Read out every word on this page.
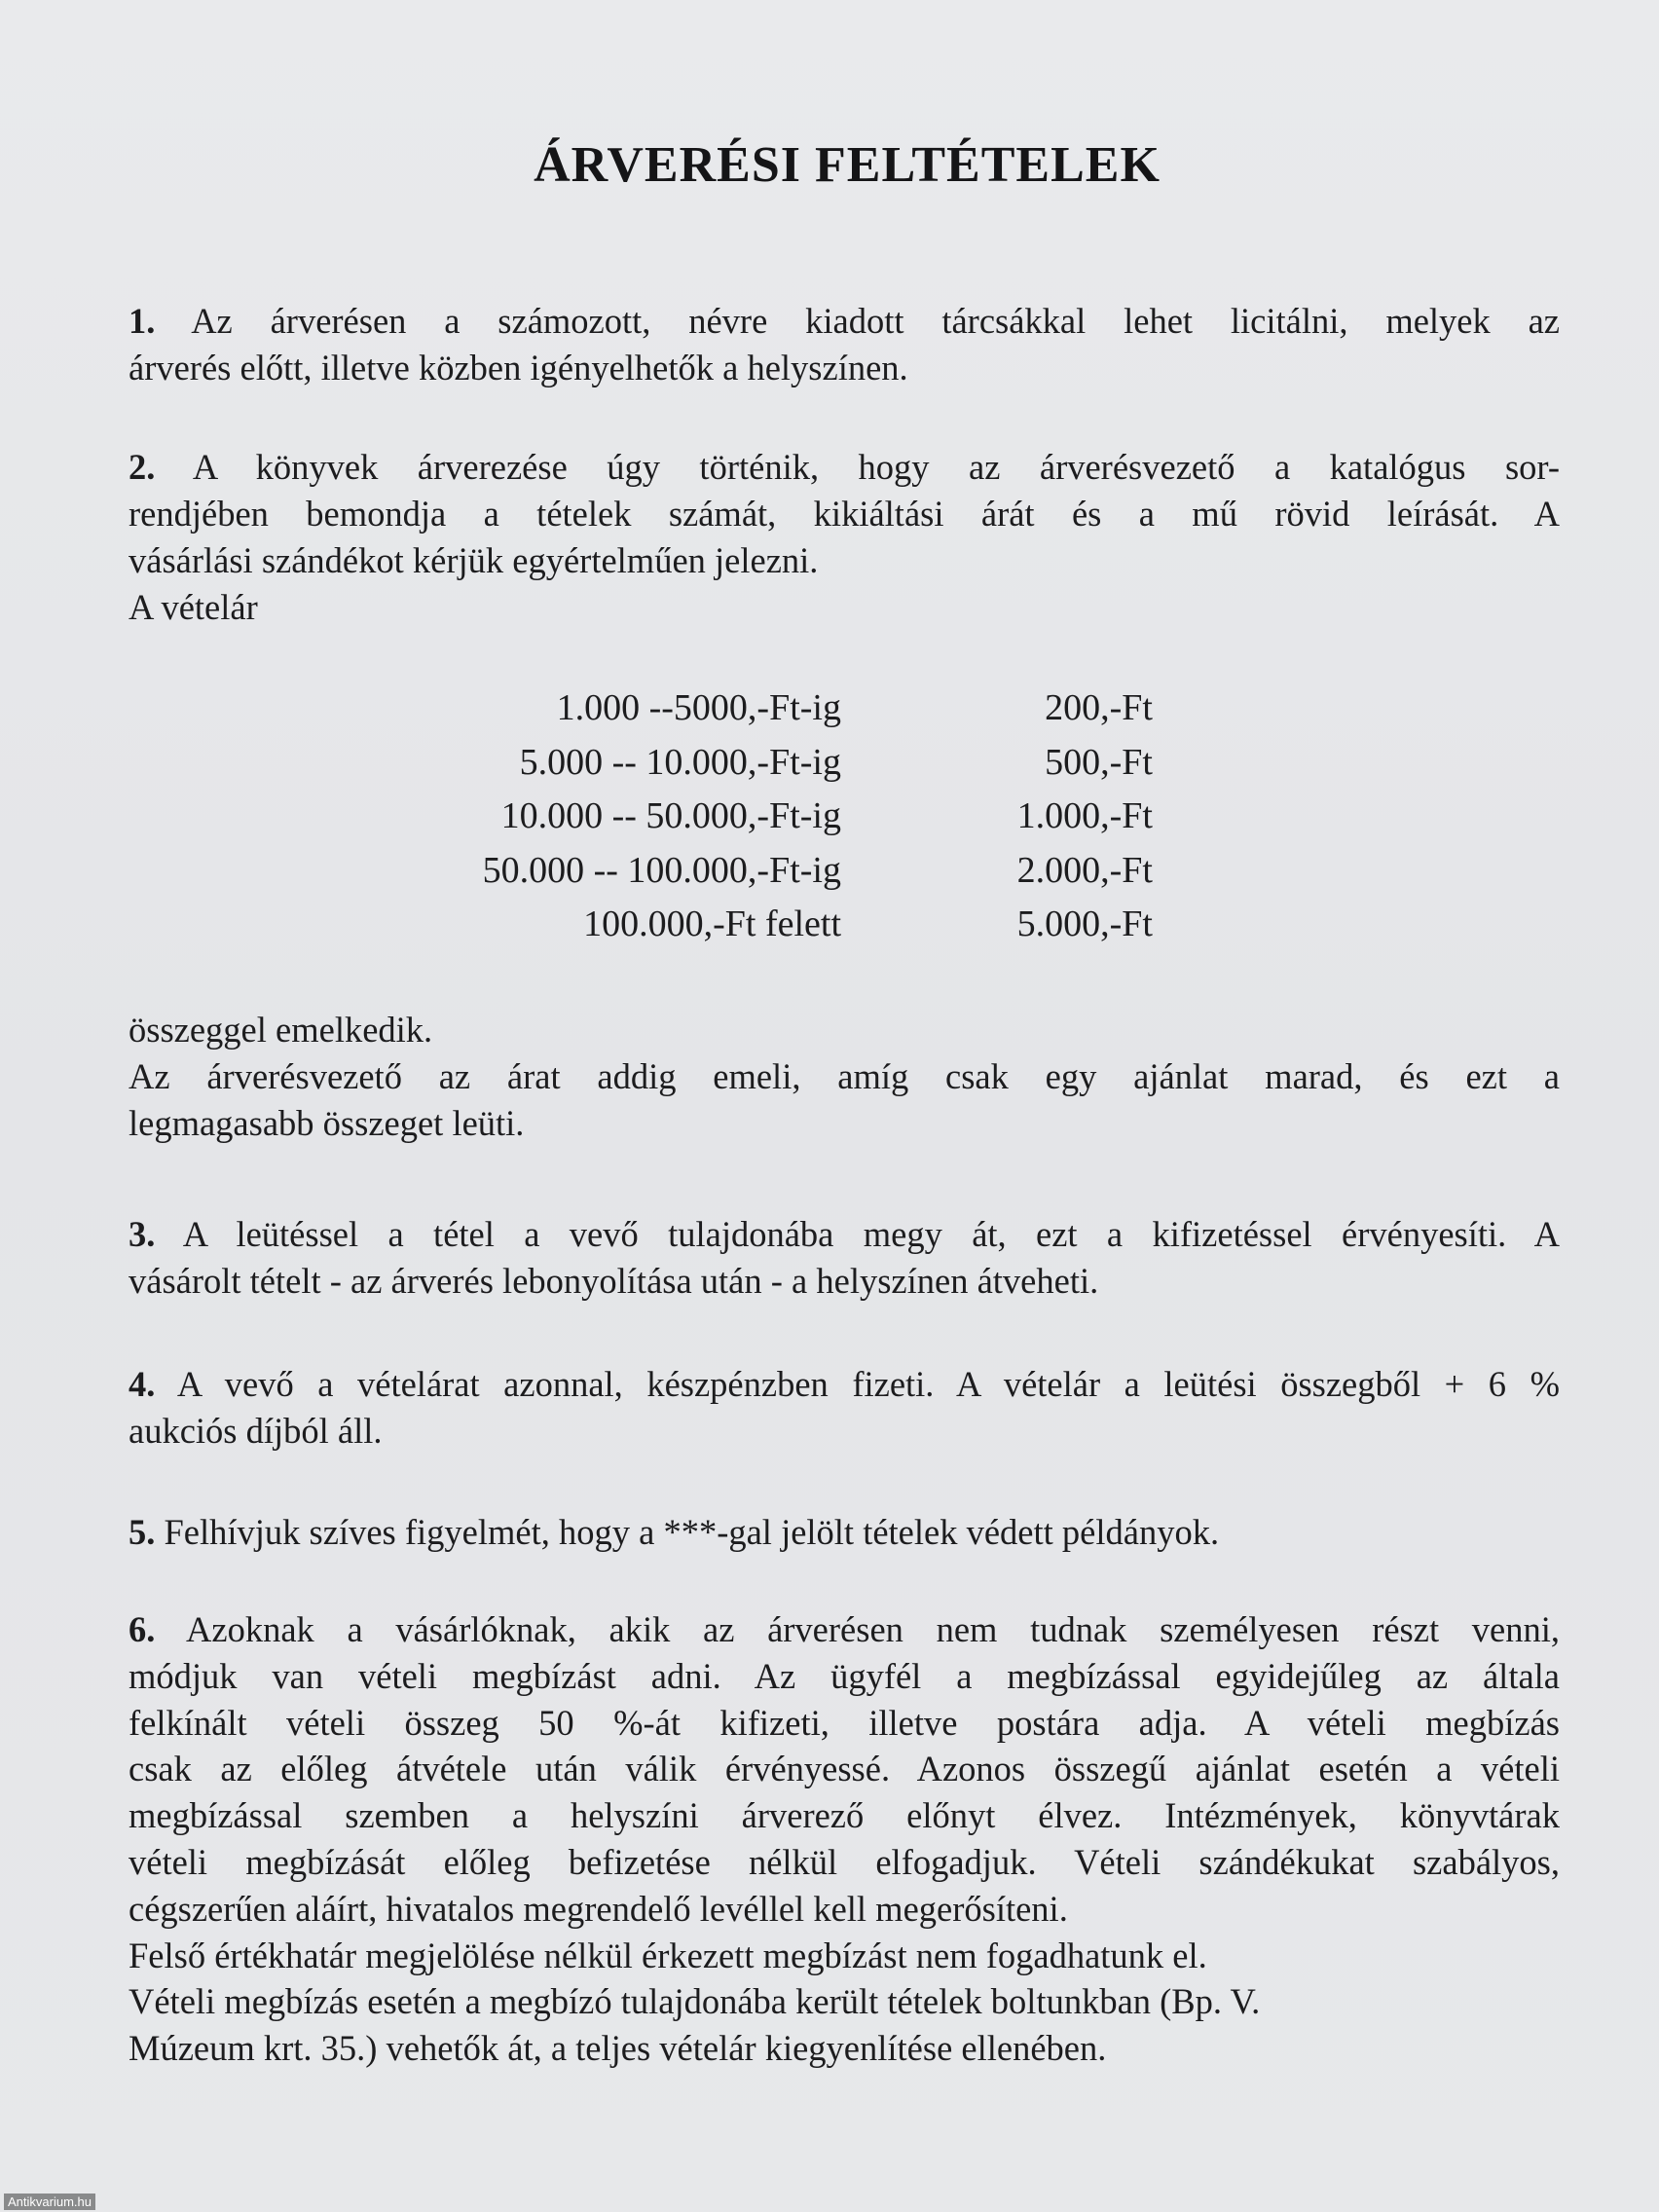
ÁRVERÉSI FELTÉTELEK
1. Az árverésen a számozott, névre kiadott tárcsákkal lehet licitálni, melyek az
árverés előtt, illetve közben igényelhetők a helyszínen.
2. A könyvek árverezése úgy történik, hogy az árverésvezető a katalógus sor-
rendjében bemondja a tételek számát, kikiáltási árát és a mű rövid leírását. A
vásárlási szándékot kérjük egyértelműen jelezni.
A vételár
1.000 --5000,-Ft-ig	200,-Ft
5.000 -- 10.000,-Ft-ig	500,-Ft
10.000 -- 50.000,-Ft-ig	1.000,-Ft
50.000 -- 100.000,-Ft-ig	2.000,-Ft
100.000,-Ft felett	5.000,-Ft
összeggel emelkedik.
Az árverésvezető az árat addig emeli, amíg csak egy ajánlat marad, és ezt a
legmagasabb összeget leüti.
3. A leütéssel a tétel a vevő tulajdonába megy át, ezt a kifizetéssel érvényesíti. A
vásárolt tételt - az árverés lebonyolítása után - a helyszínen átveheti.
4. A vevő a vételárat azonnal, készpénzben fizeti. A vételár a leütési összegből + 6 %
aukciós díjból áll.
5. Felhívjuk szíves figyelmét, hogy a ***-gal jelölt tételek védett példányok.
6. Azoknak a vásárlóknak, akik az árverésen nem tudnak személyesen részt venni,
módjuk van vételi megbízást adni. Az ügyfél a megbízással egyidejűleg az általa
felkínált vételi összeg 50 %-át kifizeti, illetve postára adja. A vételi megbízás
csak az előleg átvétele után válik érvényessé. Azonos összegű ajánlat esetén a vételi
megbízással szemben a helyszíni árverező előnyt élvez. Intézmények, könyvtárak
vételi megbízását előleg befizetése nélkül elfogadjuk. Vételi szándékukat szabályos,
cégszerűen aláírt, hivatalos megrendelő levéllel kell megerősíteni.
Felső értékhatár megjelölése nélkül érkezett megbízást nem fogadhatunk el.
Vételi megbízás esetén a megbízó tulajdonába került tételek boltunkban (Bp. V.
Múzeum krt. 35.) vehetők át, a teljes vételár kiegyenlítése ellenében.
Antikvarium.hu
